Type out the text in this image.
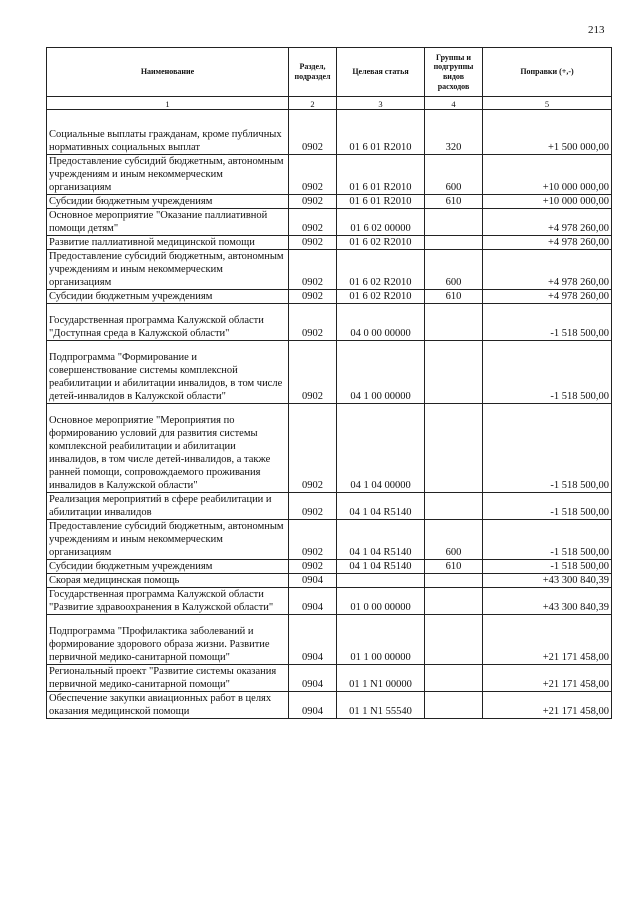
213
Наименование	Раздел, подраздел	Целевая статья	Группы и подгруппы видов расходов	Поправки (+,-)
1	2	3	4	5
Социальные выплаты гражданам, кроме публичных нормативных социальных выплат	0902	01 6 01 R2010	320	+1 500 000,00
Предоставление субсидий бюджетным, автономным учреждениям и иным некоммерческим организациям	0902	01 6 01 R2010	600	+10 000 000,00
Субсидии бюджетным учреждениям	0902	01 6 01 R2010	610	+10 000 000,00
Основное мероприятие "Оказание паллиативной помощи детям"	0902	01 6 02 00000		+4 978 260,00
Развитие паллиативной медицинской помощи	0902	01 6 02 R2010		+4 978 260,00
Предоставление субсидий бюджетным, автономным учреждениям и иным некоммерческим организациям	0902	01 6 02 R2010	600	+4 978 260,00
Субсидии бюджетным учреждениям	0902	01 6 02 R2010	610	+4 978 260,00
Государственная программа Калужской области "Доступная среда в Калужской области"	0902	04 0 00 00000		-1 518 500,00
Подпрограмма "Формирование и совершенствование системы комплексной реабилитации и абилитации инвалидов, в том числе детей-инвалидов в Калужской области"	0902	04 1 00 00000		-1 518 500,00
Основное мероприятие "Мероприятия по формированию условий для развития системы комплексной реабилитации и абилитации инвалидов, в том числе детей-инвалидов, а также ранней помощи, сопровождаемого проживания инвалидов в Калужской области"	0902	04 1 04 00000		-1 518 500,00
Реализация мероприятий в сфере реабилитации и абилитации инвалидов	0902	04 1 04 R5140		-1 518 500,00
Предоставление субсидий бюджетным, автономным учреждениям и иным некоммерческим организациям	0902	04 1 04 R5140	600	-1 518 500,00
Субсидии бюджетным учреждениям	0902	04 1 04 R5140	610	-1 518 500,00
Скорая медицинская помощь	0904			+43 300 840,39
Государственная программа Калужской области "Развитие здравоохранения в Калужской области"	0904	01 0 00 00000		+43 300 840,39
Подпрограмма "Профилактика заболеваний и формирование здорового образа жизни. Развитие первичной медико-санитарной помощи"	0904	01 1 00 00000		+21 171 458,00
Региональный проект "Развитие системы оказания первичной медико-санитарной помощи"	0904	01 1 N1 00000		+21 171 458,00
Обеспечение закупки авиационных работ в целях оказания медицинской помощи	0904	01 1 N1 55540		+21 171 458,00
